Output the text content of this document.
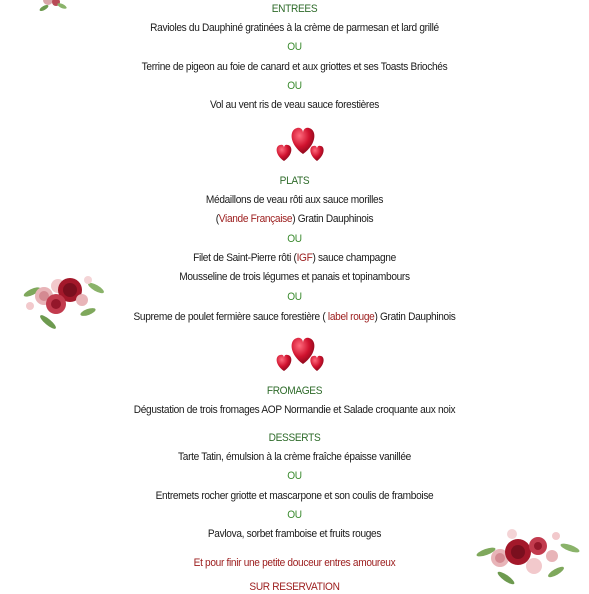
ENTREES
Ravioles du Dauphiné gratinées à la crème de parmesan et lard grillé
OU
Terrine de pigeon au foie de canard et aux griottes et ses Toasts Briochés
OU
Vol au vent ris de veau sauce forestières
PLATS
Médaillons de veau rôti aux sauce morilles
(Viande Française) Gratin Dauphinois
OU
Filet de Saint-Pierre rôti (IGF) sauce champagne
Mousseline de trois légumes et panais et topinambours
OU
Supreme de poulet fermière sauce forestière ( label rouge) Gratin Dauphinois
FROMAGES
Dégustation de trois fromages AOP Normandie et Salade croquante aux noix
DESSERTS
Tarte Tatin, émulsion à la crème fraîche épaisse vanillée
OU
Entremets rocher griotte et mascarpone et son coulis de framboise
OU
Pavlova, sorbet framboise et fruits rouges
Et pour finir une petite douceur entres amoureux
SUR RESERVATION
